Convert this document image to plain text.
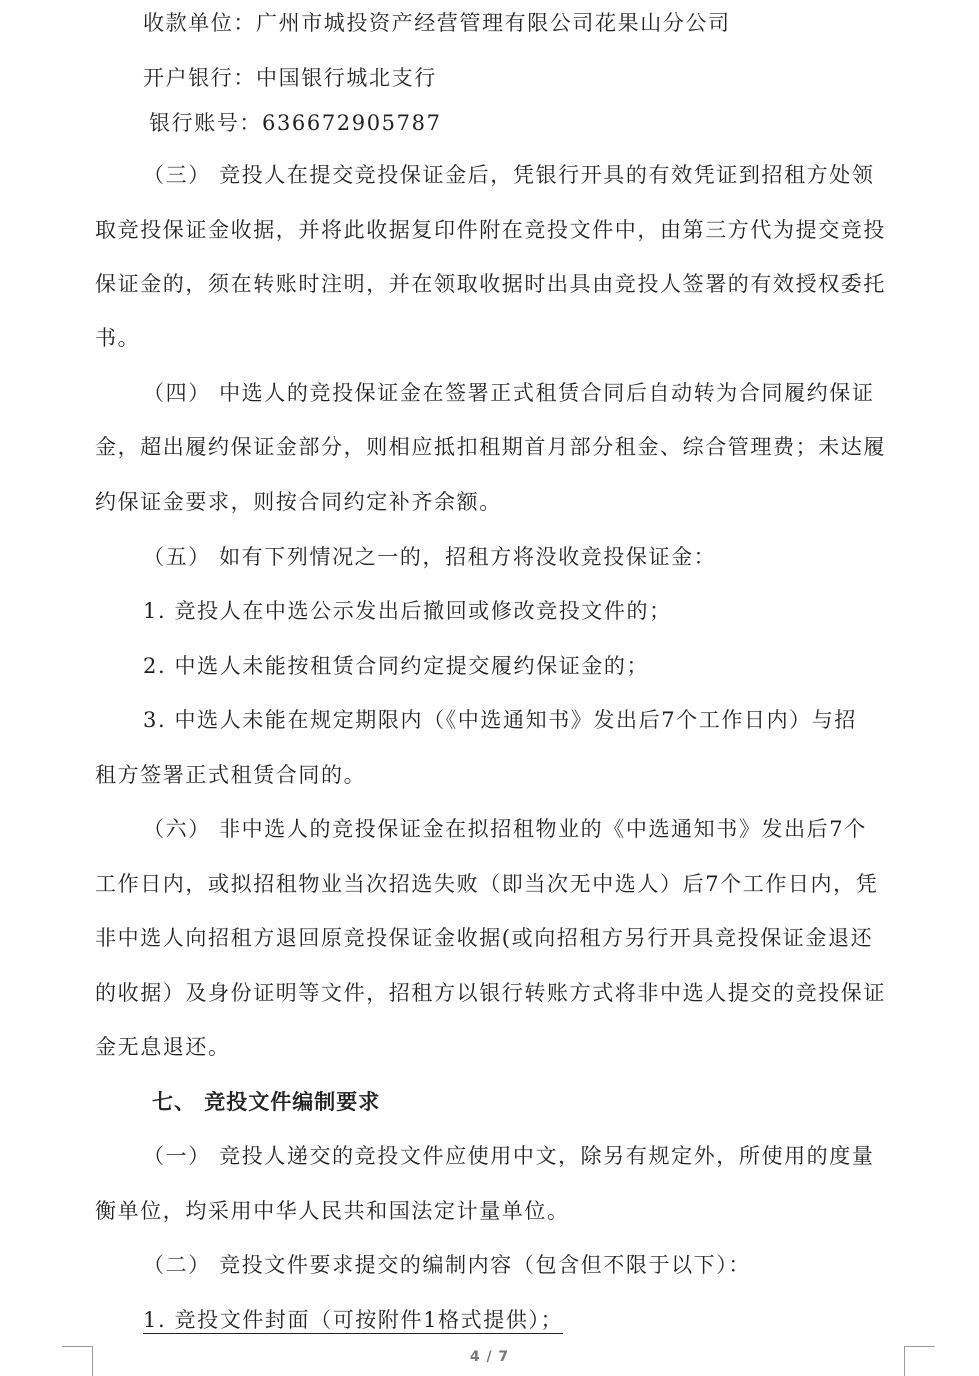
收款单位：广州市城投资产经营管理有限公司花果山分公司
开户银行：中国银行城北支行
银行账号：636672905787
（三） 竞投人在提交竞投保证金后，凭银行开具的有效凭证到招租方处领
取竞投保证金收据，并将此收据复印件附在竞投文件中，由第三方代为提交竞投
保证金的，须在转账时注明，并在领取收据时出具由竞投人签署的有效授权委托
书。
（四） 中选人的竞投保证金在签署正式租赁合同后自动转为合同履约保证
金，超出履约保证金部分，则相应抵扣租期首月部分租金、综合管理费；未达履
约保证金要求，则按合同约定补齐余额。
（五） 如有下列情况之一的，招租方将没收竞投保证金：
1. 竞投人在中选公示发出后撤回或修改竞投文件的；
2. 中选人未能按租赁合同约定提交履约保证金的；
3. 中选人未能在规定期限内（《中选通知书》发出后7个工作日内）与招
租方签署正式租赁合同的。
（六） 非中选人的竞投保证金在拟招租物业的《中选通知书》发出后7个
工作日内，或拟招租物业当次招选失败（即当次无中选人）后7个工作日内，凭
非中选人向招租方退回原竞投保证金收据(或向招租方另行开具竞投保证金退还
的收据）及身份证明等文件，招租方以银行转账方式将非中选人提交的竞投保证
金无息退还。
七、 竞投文件编制要求
（一） 竞投人递交的竞投文件应使用中文，除另有规定外，所使用的度量
衡单位，均采用中华人民共和国法定计量单位。
（二） 竞投文件要求提交的编制内容（包含但不限于以下）：
1. 竞投文件封面（可按附件1格式提供）；
4 / 7
